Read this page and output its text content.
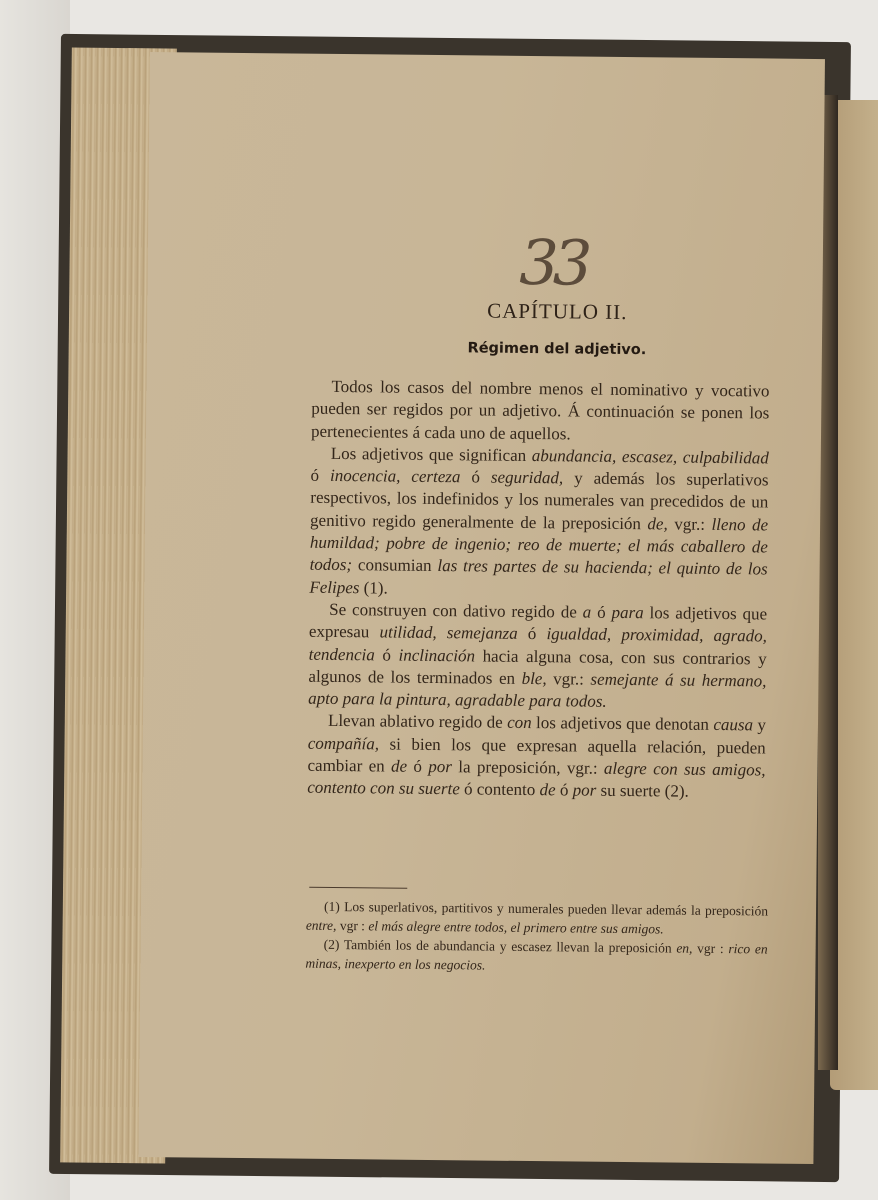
33
CAPÍTULO II.
Régimen del adjetivo.

Todos los casos del nombre menos el nominativo y vocativo pueden ser regidos por un adjetivo. Á continuación se ponen los pertenecientes á cada uno de aquellos.

Los adjetivos que significan abundancia, escasez, culpabilidad ó inocencia, certeza ó seguridad, y además los superlativos respectivos, los indefinidos y los numerales van precedidos de un genitivo regido generalmente de la preposición de, vgr.: lleno de humildad; pobre de ingenio; reo de muerte; el más caballero de todos; consumian las tres partes de su hacienda; el quinto de los Felipes (1).

Se construyen con dativo regido de a ó para los adjetivos que expresau utilidad, semejanza ó igualdad, proximidad, agrado, tendencia ó inclinación hacia alguna cosa, con sus contrarios y algunos de los terminados en ble, vgr.: semejante á su hermano, apto para la pintura, agradable para todos.

Llevan ablativo regido de con los adjetivos que denotan causa y compañía, si bien los que expresan aquella relación, pueden cambiar en de ó por la preposición, vgr.: alegre con sus amigos, contento con su suerte ó contento de ó por su suerte (2).

(1) Los superlativos, partitivos y numerales pueden llevar además la preposición entre, vgr : el más alegre entre todos, el primero entre sus amigos.

(2) También los de abundancia y escasez llevan la preposición en, vgr : rico en minas, inexperto en los negocios.
